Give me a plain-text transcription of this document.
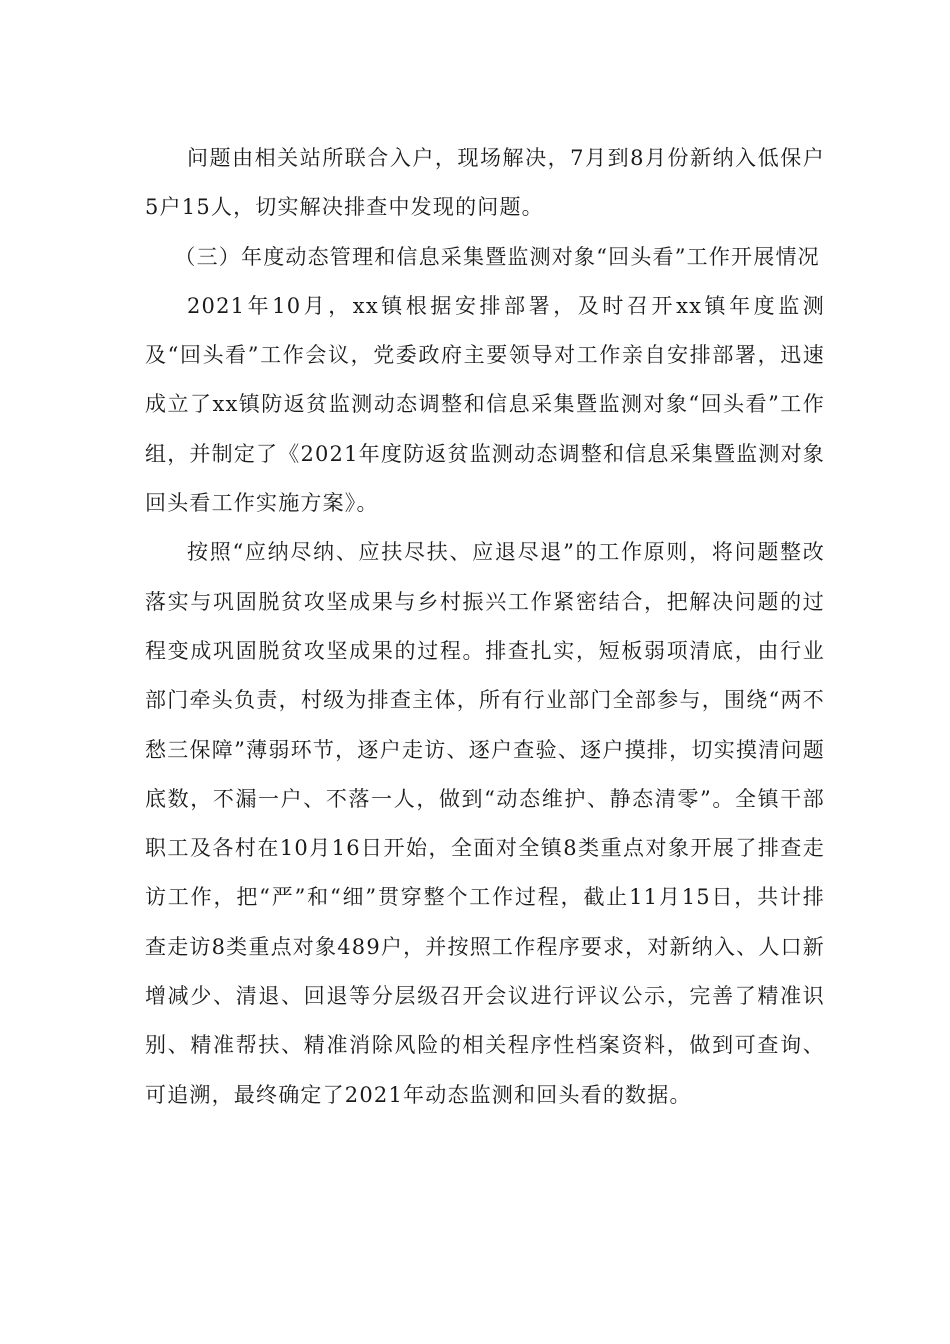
问题由相关站所联合入户，现场解决，7月到8月份新纳入低保户5户15人，切实解决排查中发现的问题。

（三）年度动态管理和信息采集暨监测对象“回头看”工作开展情况

2021年10月，xx镇根据安排部署，及时召开xx镇年度监测及“回头看”工作会议，党委政府主要领导对工作亲自安排部署，迅速成立了xx镇防返贫监测动态调整和信息采集暨监测对象“回头看”工作组，并制定了《2021年度防返贫监测动态调整和信息采集暨监测对象回头看工作实施方案》。

按照“应纳尽纳、应扶尽扶、应退尽退”的工作原则，将问题整改落实与巩固脱贫攻坚成果与乡村振兴工作紧密结合，把解决问题的过程变成巩固脱贫攻坚成果的过程。排查扎实，短板弱项清底，由行业部门牵头负责，村级为排查主体，所有行业部门全部参与，围绕“两不愁三保障”薄弱环节，逐户走访、逐户查验、逐户摸排，切实摸清问题底数，不漏一户、不落一人，做到“动态维护、静态清零”。全镇干部职工及各村在10月16日开始，全面对全镇8类重点对象开展了排查走访工作，把“严”和“细”贯穿整个工作过程，截止11月15日，共计排查走访8类重点对象489户，并按照工作程序要求，对新纳入、人口新增减少、清退、回退等分层级召开会议进行评议公示，完善了精准识别、精准帮扶、精准消除风险的相关程序性档案资料，做到可查询、可追溯，最终确定了2021年动态监测和回头看的数据。
